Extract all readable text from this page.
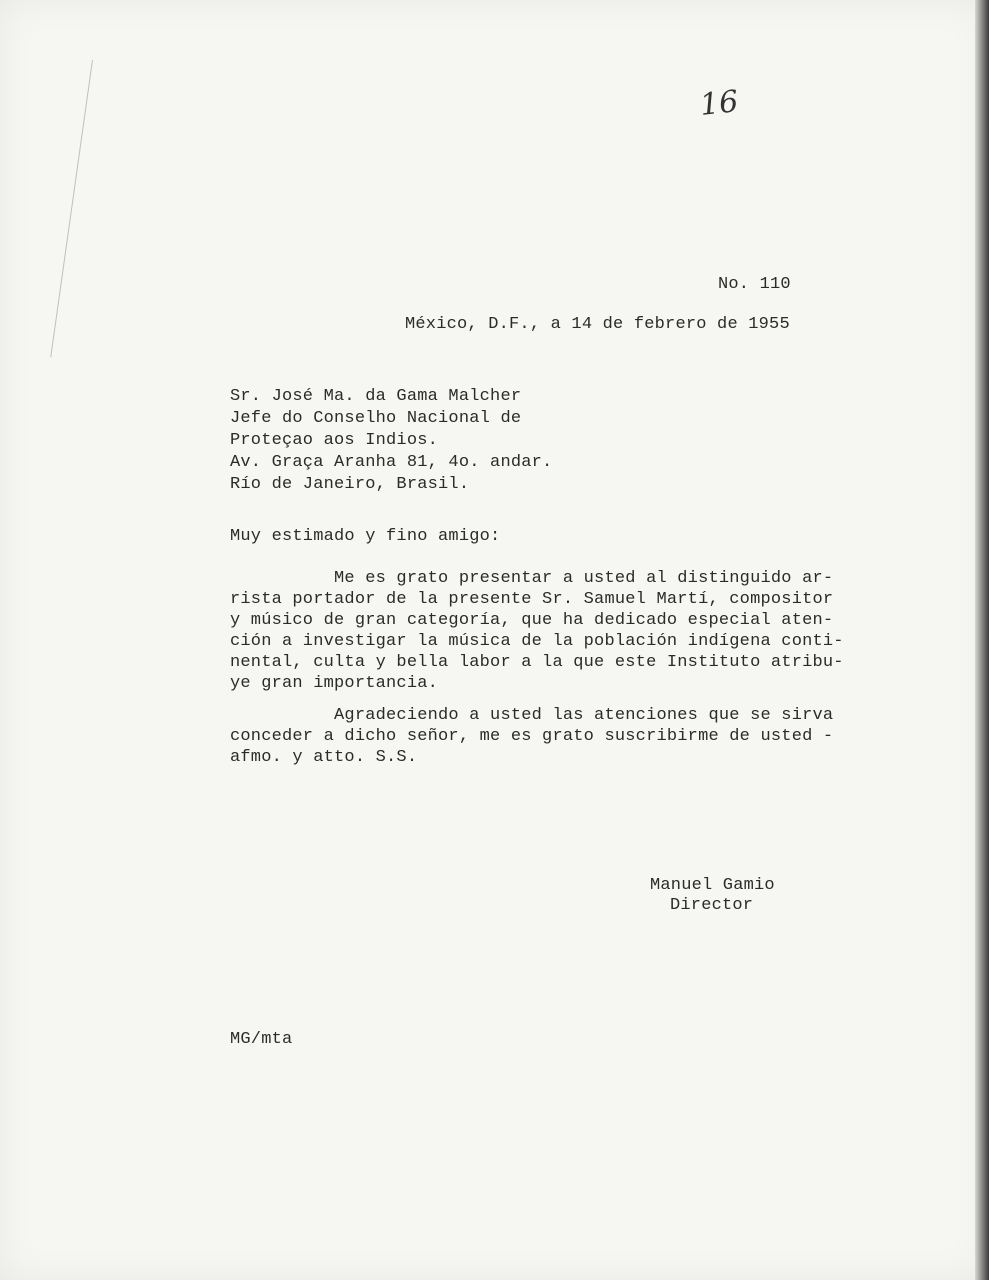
16

No. 110

México, D.F., a 14 de febrero de 1955

Sr. José Ma. da Gama Malcher

Jefe do Conselho Nacional de

Proteçao aos Indios.

Av. Graça Aranha 81, 4o. andar.

Río de Janeiro, Brasil.

Muy estimado y fino amigo:

Me es grato presentar a usted al distinguido ar-

rista portador de la presente Sr. Samuel Martí, compositor

y músico de gran categoría, que ha dedicado especial aten-

ción a investigar la música de la población indígena conti-

nental, culta y bella labor a la que este Instituto atribu-

ye gran importancia.

Agradeciendo a usted las atenciones que se sirva

conceder a dicho señor, me es grato suscribirme de usted -

afmo. y atto. S.S.

Manuel Gamio

Director

MG/mta
